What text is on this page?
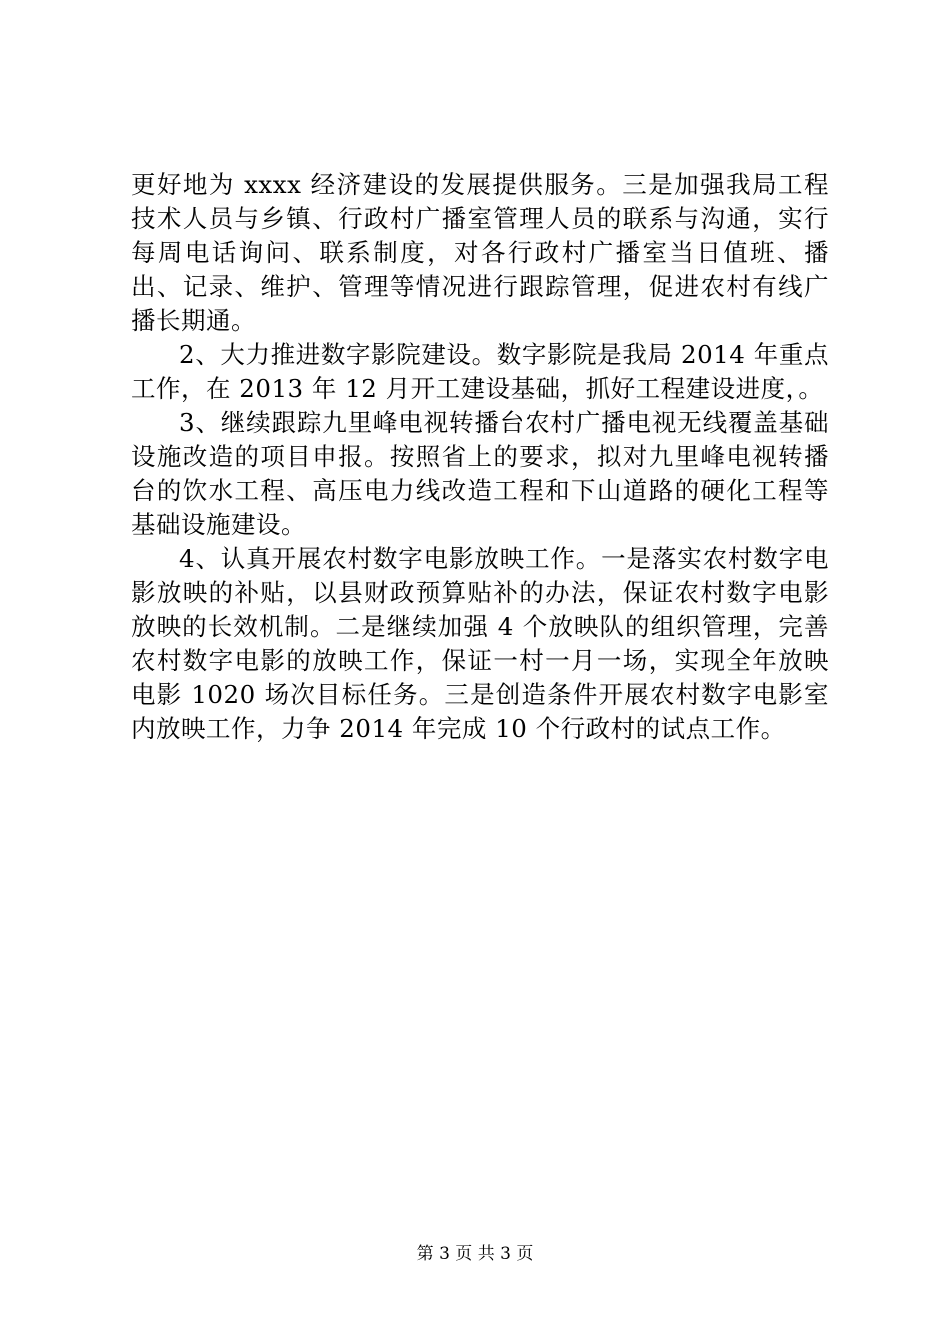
更好地为 xxxx 经济建设的发展提供服务。三是加强我局工程技术人员与乡镇、行政村广播室管理人员的联系与沟通，实行每周电话询问、联系制度，对各行政村广播室当日值班、播出、记录、维护、管理等情况进行跟踪管理，促进农村有线广播长期通。

2、大力推进数字影院建设。数字影院是我局 2014 年重点工作，在 2013 年 12 月开工建设基础，抓好工程建设进度，。

3、继续跟踪九里峰电视转播台农村广播电视无线覆盖基础设施改造的项目申报。按照省上的要求，拟对九里峰电视转播台的饮水工程、高压电力线改造工程和下山道路的硬化工程等基础设施建设。

4、认真开展农村数字电影放映工作。一是落实农村数字电影放映的补贴，以县财政预算贴补的办法，保证农村数字电影放映的长效机制。二是继续加强 4 个放映队的组织管理，完善农村数字电影的放映工作，保证一村一月一场，实现全年放映电影 1020 场次目标任务。三是创造条件开展农村数字电影室内放映工作，力争 2014 年完成 10 个行政村的试点工作。

第 3 页 共 3 页
